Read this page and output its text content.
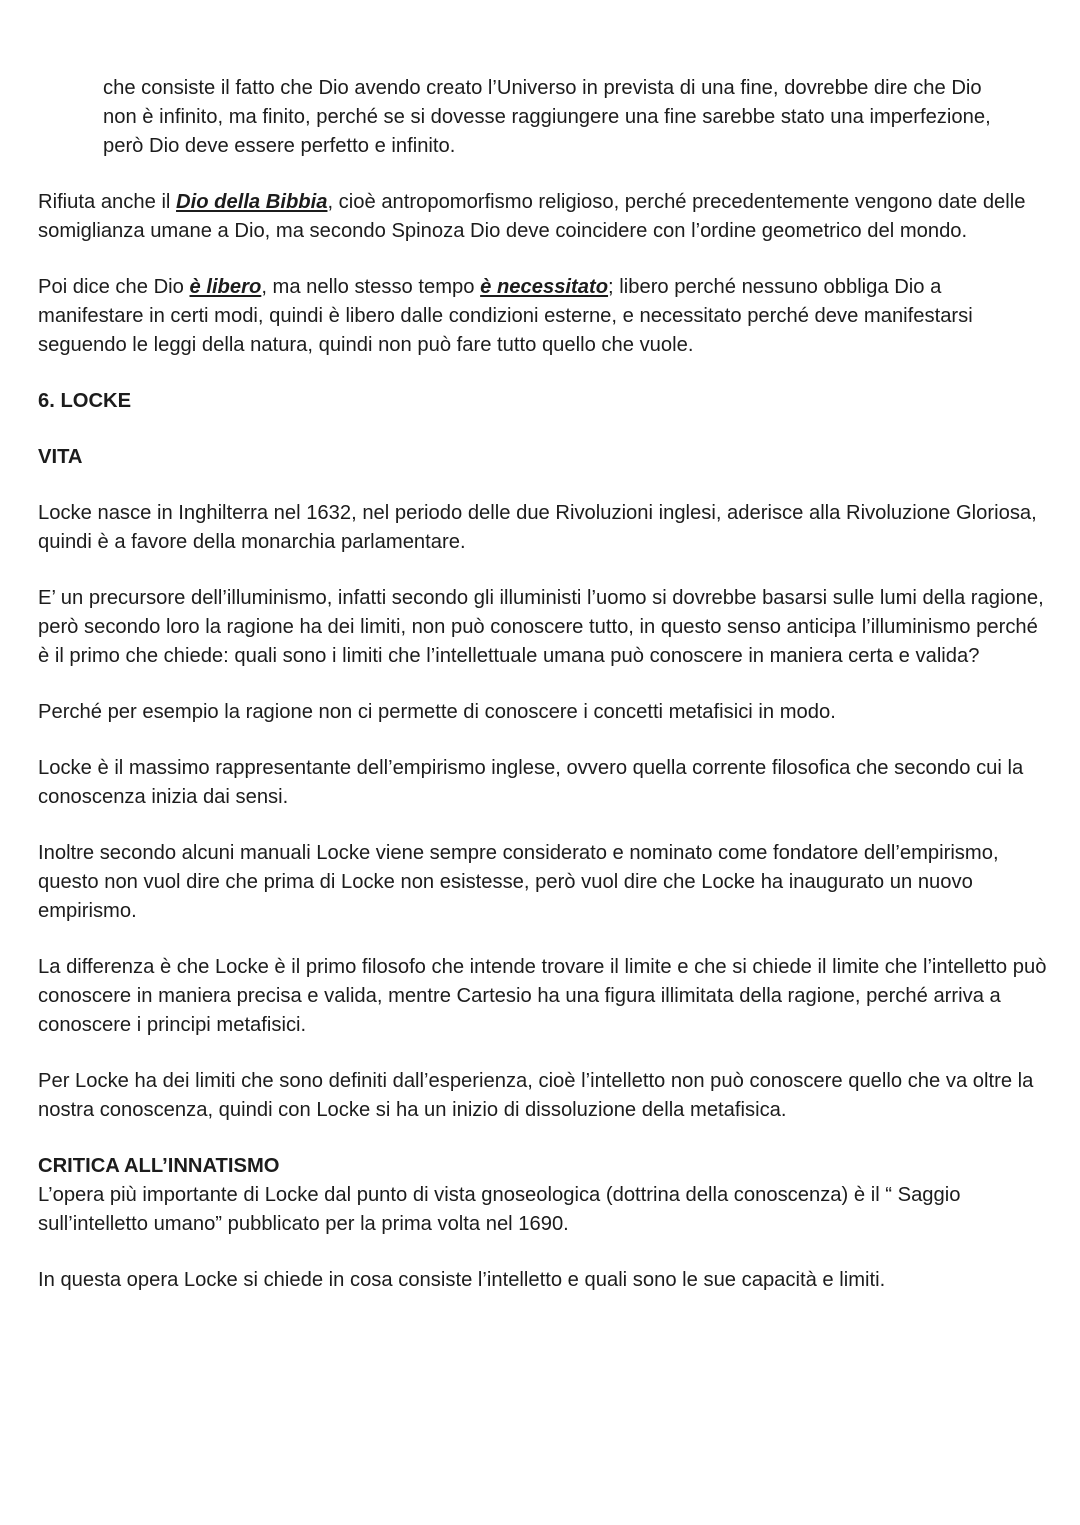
che consiste il fatto che Dio avendo creato l’Universo in prevista di una fine, dovrebbe dire che Dio non è infinito, ma finito, perché se si dovesse raggiungere una fine sarebbe stato una imperfezione, però Dio deve essere perfetto e infinito.

Rifiuta anche il Dio della Bibbia, cioè antropomorfismo religioso, perché precedentemente vengono date delle somiglianza umane a Dio, ma secondo Spinoza Dio deve coincidere con l’ordine geometrico del mondo.

Poi dice che Dio è libero, ma nello stesso tempo è necessitato; libero perché nessuno obbliga Dio a manifestare in certi modi, quindi è libero dalle condizioni esterne, e necessitato perché deve manifestarsi seguendo le leggi della natura, quindi non può fare tutto quello che vuole.

6. LOCKE

VITA

Locke nasce in Inghilterra nel 1632, nel periodo delle due Rivoluzioni inglesi, aderisce alla Rivoluzione Gloriosa, quindi è a favore della monarchia parlamentare.

E’ un precursore dell’illuminismo, infatti secondo gli illuministi l’uomo si dovrebbe basarsi sulle lumi della ragione, però secondo loro la ragione ha dei limiti, non può conoscere tutto, in questo senso anticipa l’illuminismo perché è il primo che chiede: quali sono i limiti che l’intellettuale umana può conoscere in maniera certa e valida?

Perché per esempio la ragione non ci permette di conoscere i concetti metafisici in modo.

Locke è il massimo rappresentante dell’empirismo inglese, ovvero quella corrente filosofica che secondo cui la conoscenza inizia dai sensi.

Inoltre secondo alcuni manuali Locke viene sempre considerato e nominato come fondatore dell’empirismo, questo non vuol dire che prima di Locke non esistesse, però vuol dire che Locke ha inaugurato un nuovo empirismo.

La differenza è che Locke è il primo filosofo che intende trovare il limite e che si chiede il limite che l’intelletto può conoscere in maniera precisa e valida, mentre Cartesio ha una figura illimitata della ragione, perché arriva a conoscere i principi metafisici.

Per Locke ha dei limiti che sono definiti dall’esperienza, cioè l’intelletto non può conoscere quello che va oltre la nostra conoscenza, quindi con Locke si ha un inizio di dissoluzione della metafisica.

CRITICA ALL’INNATISMO

L’opera più importante di Locke dal punto di vista gnoseologica (dottrina della conoscenza) è il “ Saggio sull’intelletto umano” pubblicato per la prima volta nel 1690.

In questa opera Locke si chiede in cosa consiste l’intelletto e quali sono le sue capacità e limiti.
